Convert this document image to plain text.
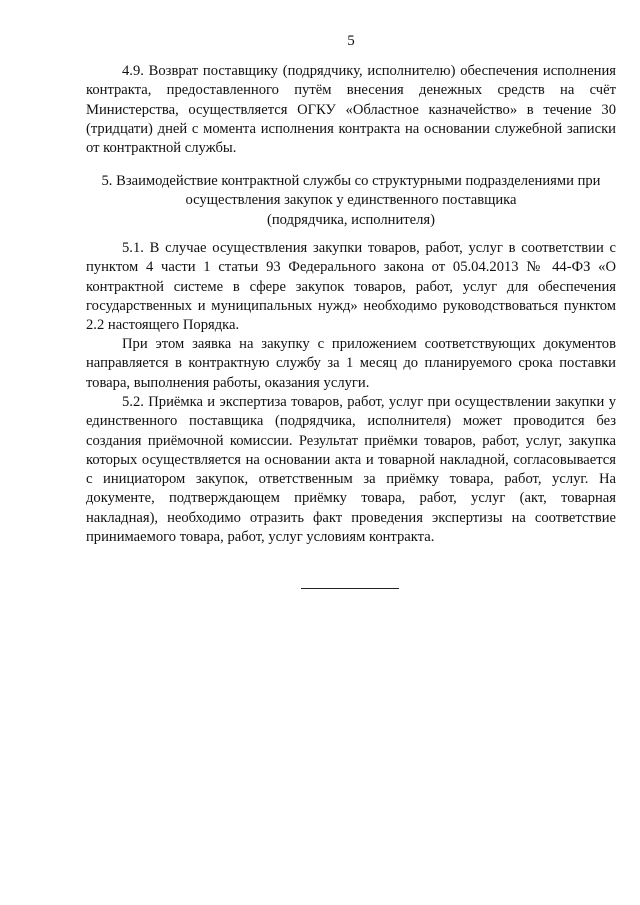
5

4.9. Возврат поставщику (подрядчику, исполнителю) обеспечения исполнения контракта, предоставленного путём внесения денежных средств на счёт Министерства, осуществляется ОГКУ «Областное казначейство» в течение 30 (тридцати) дней с момента исполнения контракта на основании служебной записки от контрактной службы.

5. Взаимодействие контрактной службы со структурными подразделениями при
осуществления закупок у единственного поставщика
(подрядчика, исполнителя)

5.1. В случае осуществления закупки товаров, работ, услуг в соответствии с пунктом 4 части 1 статьи 93 Федерального закона от 05.04.2013 № 44-ФЗ «О контрактной системе в сфере закупок товаров, работ, услуг для обеспечения государственных и муниципальных нужд» необходимо руководствоваться пунктом 2.2 настоящего Порядка.

При этом заявка на закупку с приложением соответствующих документов направляется в контрактную службу за 1 месяц до планируемого срока поставки товара, выполнения работы, оказания услуги.

5.2. Приёмка и экспертиза товаров, работ, услуг при осуществлении закупки у единственного поставщика (подрядчика, исполнителя) может проводится без создания приёмочной комиссии. Результат приёмки товаров, работ, услуг, закупка которых осуществляется на основании акта и товарной накладной, согласовывается с инициатором закупок, ответственным за приёмку товара, работ, услуг. На документе, подтверждающем приёмку товара, работ, услуг (акт, товарная накладная), необходимо отразить факт проведения экспертизы на соответствие принимаемого товара, работ, услуг условиям контракта.
